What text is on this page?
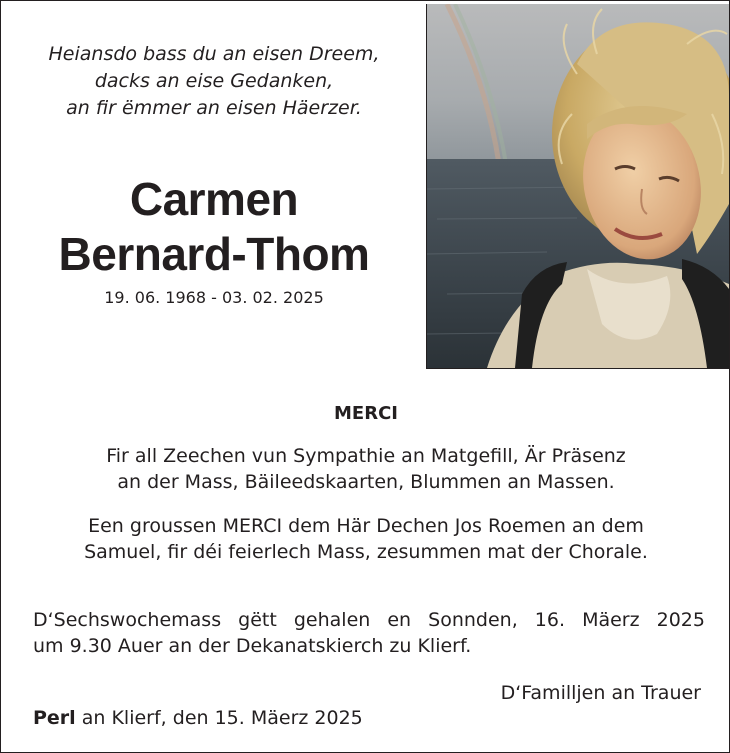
Heiansdo bass du an eisen Dreem,
dacks an eise Gedanken,
an fir ëmmer an eisen Häerzer.
Carmen
Bernard-Thom
19. 06. 1968 - 03. 02. 2025
MERCI
Fir all Zeechen vun Sympathie an Matgefill, Är Präsenz
an der Mass, Bäileedskaarten, Blummen an Massen.
Een groussen MERCI dem Här Dechen Jos Roemen an dem
Samuel, fir déi feierlech Mass, zesummen mat der Chorale.
D‘Sechswochemass gëtt gehalen en Sonnden, 16. Mäerz 2025
um 9.30 Auer an der Dekanatskierch zu Klierf.
D‘Familljen an Trauer
Perl an Klierf, den 15. Mäerz 2025
